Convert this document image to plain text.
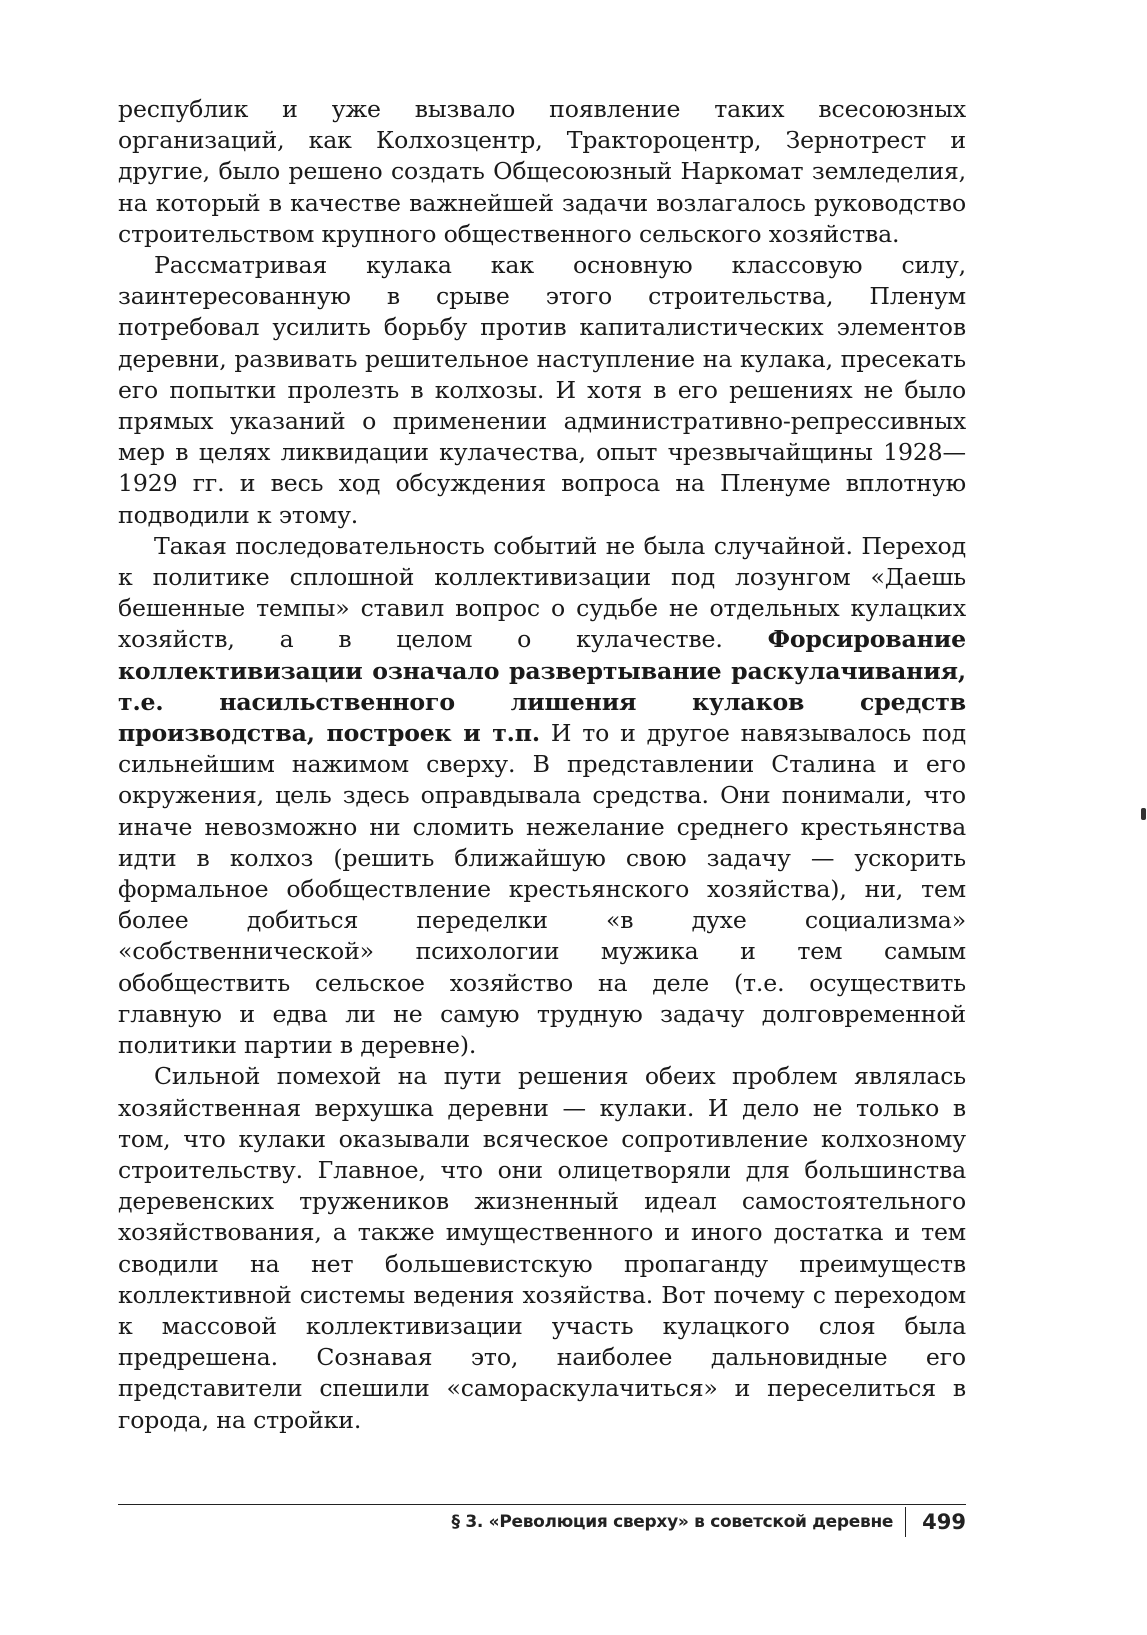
республик и уже вызвало появление таких всесоюзных организаций, как Колхозцентр, Трактороцентр, Зернотрест и другие, было решено создать Общесоюзный Наркомат земледелия, на который в качестве важнейшей задачи возлагалось руководство строительством крупного общественного сельского хозяйства.

Рассматривая кулака как основную классовую силу, заинтересованную в срыве этого строительства, Пленум потребовал усилить борьбу против капиталистических элементов деревни, развивать решительное наступление на кулака, пресекать его попытки пролезть в колхозы. И хотя в его решениях не было прямых указаний о применении административно-репрессивных мер в целях ликвидации кулачества, опыт чрезвычайщины 1928—1929 гг. и весь ход обсуждения вопроса на Пленуме вплотную подводили к этому.

Такая последовательность событий не была случайной. Переход к политике сплошной коллективизации под лозунгом «Даешь бешенные темпы» ставил вопрос о судьбе не отдельных кулацких хозяйств, а в целом о кулачестве. Форсирование коллективизации означало развертывание раскулачивания, т.е. насильственного лишения кулаков средств производства, построек и т.п. И то и другое навязывалось под сильнейшим нажимом сверху. В представлении Сталина и его окружения, цель здесь оправдывала средства. Они понимали, что иначе невозможно ни сломить нежелание среднего крестьянства идти в колхоз (решить ближайшую свою задачу — ускорить формальное обобществление крестьянского хозяйства), ни, тем более добиться переделки «в духе социализма» «собственнической» психологии мужика и тем самым обобществить сельское хозяйство на деле (т.е. осуществить главную и едва ли не самую трудную задачу долговременной политики партии в деревне).

Сильной помехой на пути решения обеих проблем являлась хозяйственная верхушка деревни — кулаки. И дело не только в том, что кулаки оказывали всяческое сопротивление колхозному строительству. Главное, что они олицетворяли для большинства деревенских тружеников жизненный идеал самостоятельного хозяйствования, а также имущественного и иного достатка и тем сводили на нет большевистскую пропаганду преимуществ коллективной системы ведения хозяйства. Вот почему с переходом к массовой коллективизации участь кулацкого слоя была предрешена. Сознавая это, наиболее дальновидные его представители спешили «самораскулачиться» и переселиться в города, на стройки.

§ 3. «Революция сверху» в советской деревне	499
